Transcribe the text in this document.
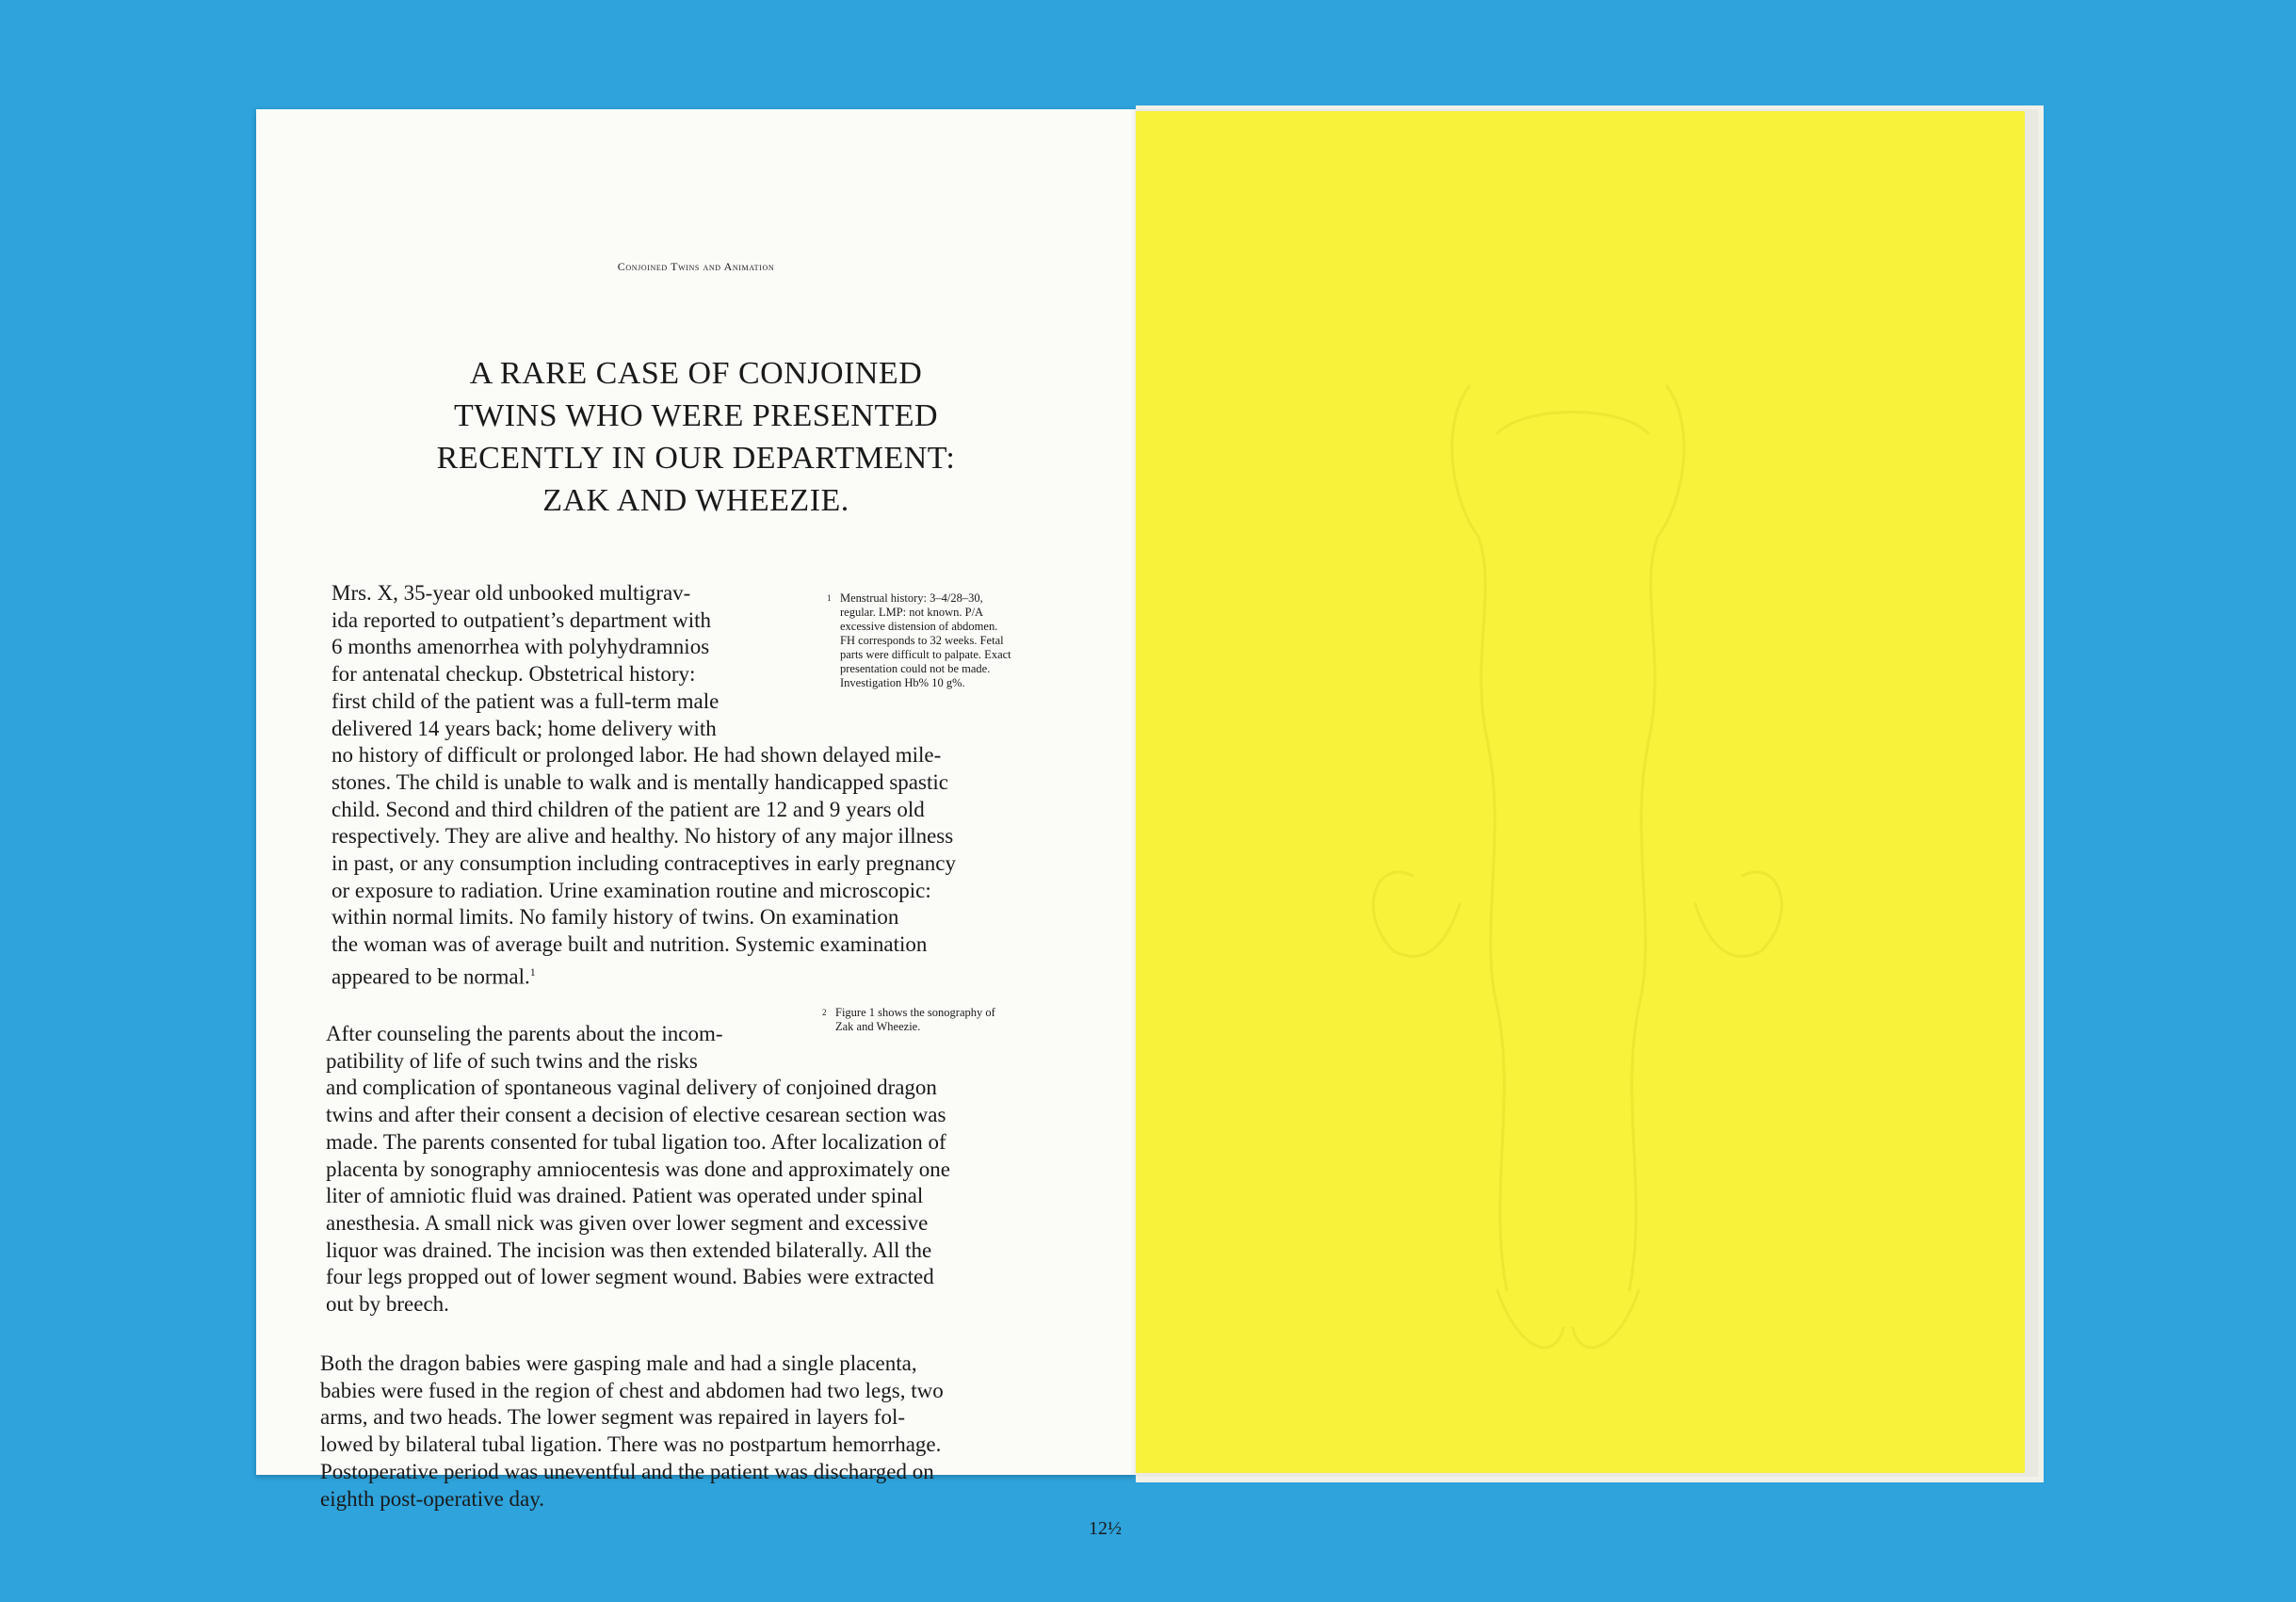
Conjoined Twins and Animation
A RARE CASE OF CONJOINED
TWINS WHO WERE PRESENTED
RECENTLY IN OUR DEPARTMENT:
ZAK AND WHEEZIE.

Mrs. X, 35-year old unbooked multigrav-
ida reported to outpatient’s department with
6 months amenorrhea with polyhydramnios
for antenatal checkup. Obstetrical history:
first child of the patient was a full-term male
delivered 14 years back; home delivery with
no history of difficult or prolonged labor. He had shown delayed mile-
stones. The child is unable to walk and is mentally handicapped spastic
child. Second and third children of the patient are 12 and 9 years old
respectively. They are alive and healthy. No history of any major illness
in past, or any consumption including contraceptives in early pregnancy
or exposure to radiation. Urine examination routine and microscopic:
within normal limits. No family history of twins. On examination
the woman was of average built and nutrition. Systemic examination
appeared to be normal.$^1$

1 Menstrual history: 3–4/28–30,
regular. LMP: not known. P/A
excessive distension of abdomen.
FH corresponds to 32 weeks. Fetal
parts were difficult to palpate. Exact
presentation could not be made.
Investigation Hb% 10 g%.
2 Figure 1 shows the sonography of
Zak and Wheezie.

After counseling the parents about the incom-
patibility of life of such twins and the risks
and complication of spontaneous vaginal delivery of conjoined dragon
twins and after their consent a decision of elective cesarean section was
made. The parents consented for tubal ligation too. After localization of
placenta by sonography amniocentesis was done and approximately one
liter of amniotic fluid was drained. Patient was operated under spinal
anesthesia. A small nick was given over lower segment and excessive
liquor was drained. The incision was then extended bilaterally. All the
four legs propped out of lower segment wound. Babies were extracted
out by breech.

Both the dragon babies were gasping male and had a single placenta,
babies were fused in the region of chest and abdomen had two legs, two
arms, and two heads. The lower segment was repaired in layers fol-
lowed by bilateral tubal ligation. There was no postpartum hemorrhage.
Postoperative period was uneventful and the patient was discharged on
eighth post-operative day.

12½
